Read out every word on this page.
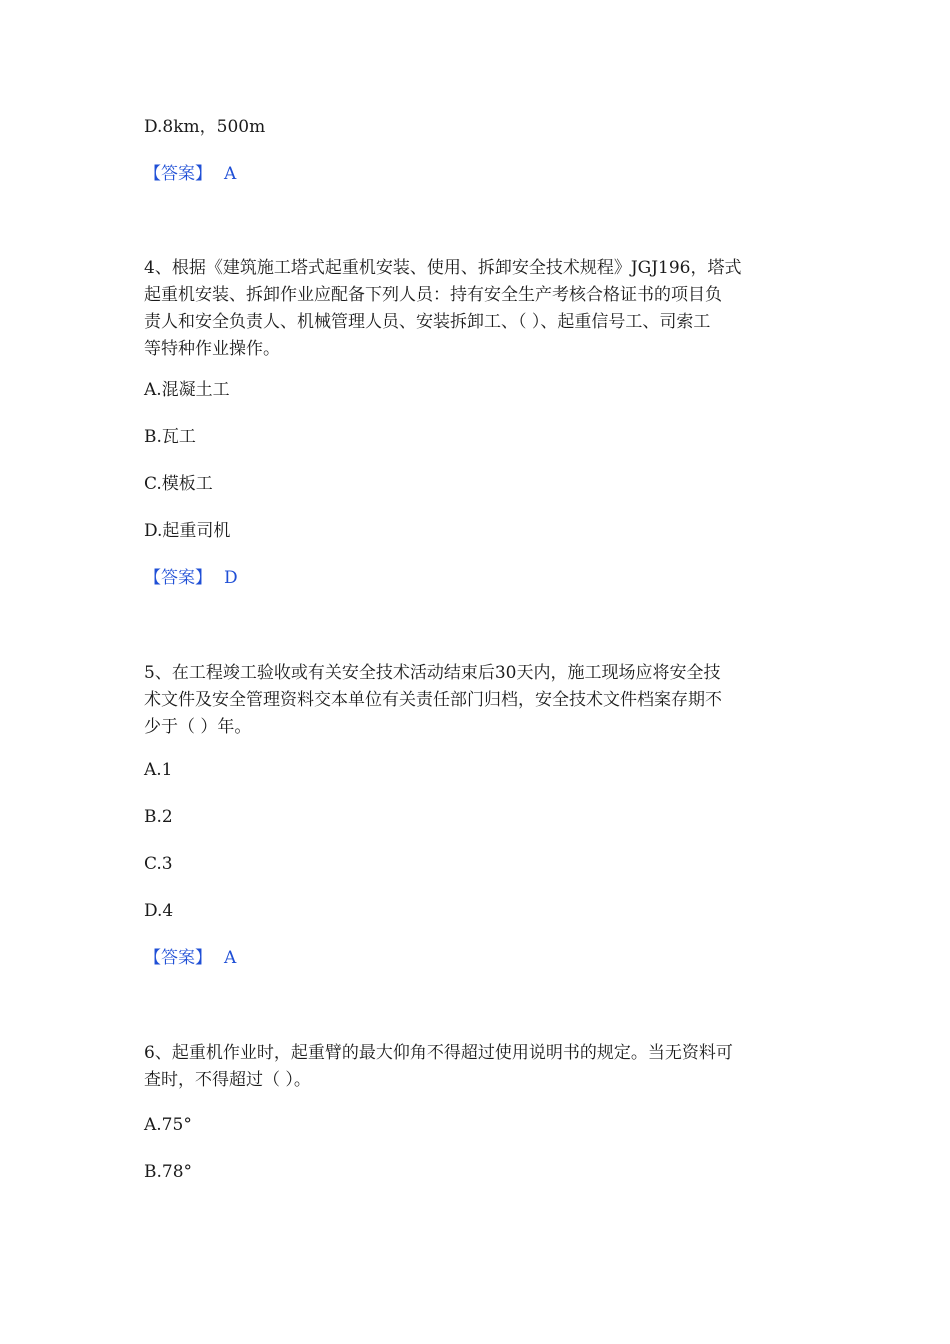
D.8km，500m
【答案】 A
4、根据《建筑施工塔式起重机安装、使用、拆卸安全技术规程》JGJ196，塔式
起重机安装、拆卸作业应配备下列人员：持有安全生产考核合格证书的项目负
责人和安全负责人、机械管理人员、安装拆卸工、（ ）、起重信号工、司索工
等特种作业操作。
A.混凝土工
B.瓦工
C.模板工
D.起重司机
【答案】 D
5、在工程竣工验收或有关安全技术活动结束后30天内，施工现场应将安全技
术文件及安全管理资料交本单位有关责任部门归档，安全技术文件档案存期不
少于（ ）年。
A.1
B.2
C.3
D.4
【答案】 A
6、起重机作业时，起重臂的最大仰角不得超过使用说明书的规定。当无资料可
查时，不得超过（ ）。
A.75°
B.78°
